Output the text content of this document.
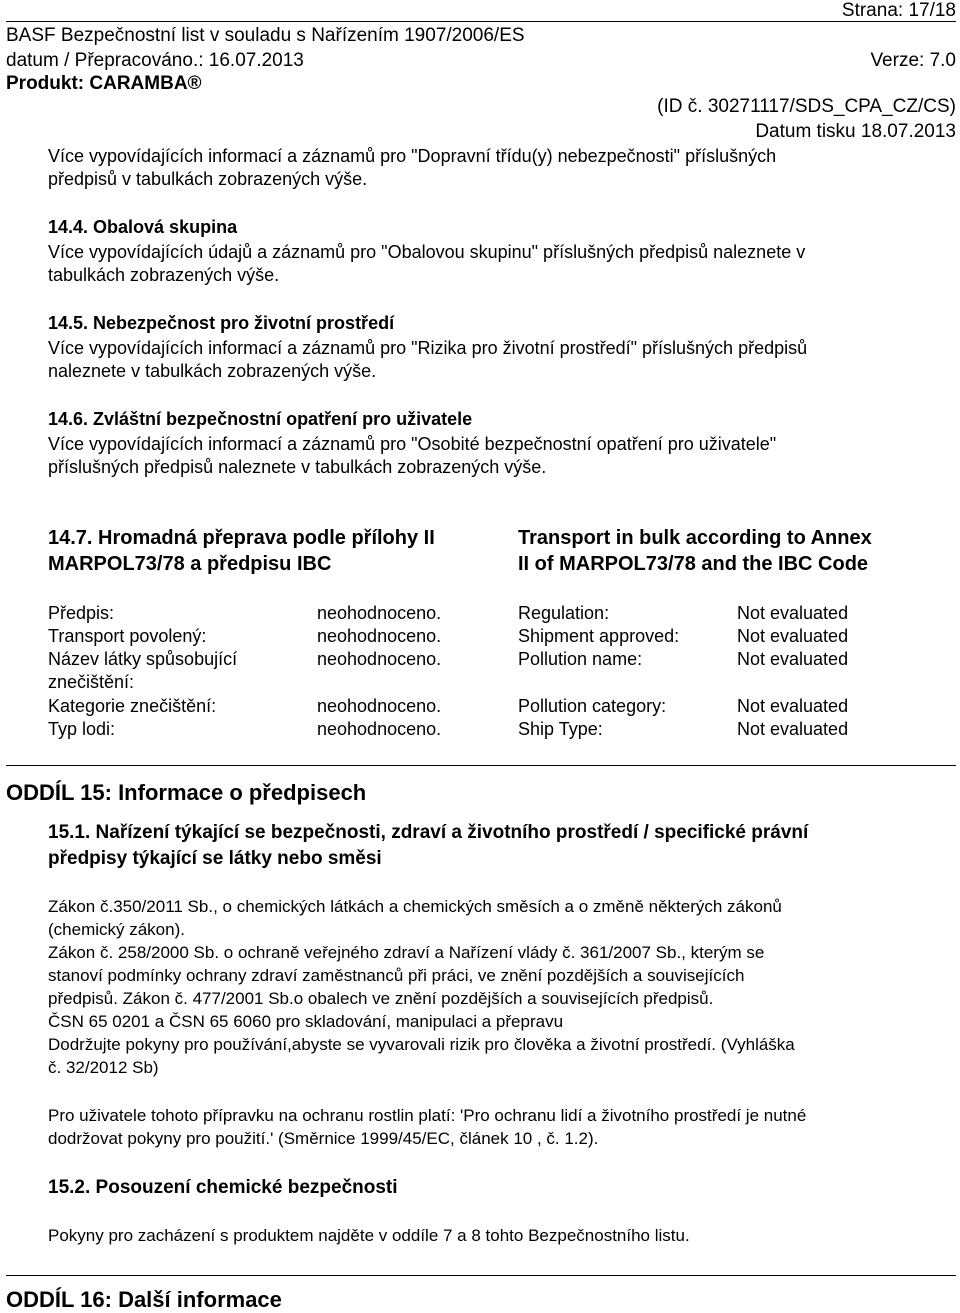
Strana: 17/18
BASF Bezpečnostní list v souladu s Nařízením 1907/2006/ES
datum / Přepracováno.: 16.07.2013	Verze: 7.0
Produkt: CARAMBA®
(ID č. 30271117/SDS_CPA_CZ/CS)
Datum tisku 18.07.2013
Více vypovídajících informací a záznamů pro "Dopravní třídu(y) nebezpečnosti" příslušných
předpisů v tabulkách zobrazených výše.
14.4. Obalová skupina
Více vypovídajících údajů a záznamů pro "Obalovou skupinu" příslušných předpisů naleznete v
tabulkách zobrazených výše.
14.5. Nebezpečnost pro životní prostředí
Více vypovídajících informací a záznamů pro "Rizika pro životní prostředí" příslušných předpisů
naleznete v tabulkách zobrazených výše.
14.6. Zvláštní bezpečnostní opatření pro uživatele
Více vypovídajících informací a záznamů pro "Osobité bezpečnostní opatření pro uživatele"
příslušných předpisů naleznete v tabulkách zobrazených výše.
14.7. Hromadná přeprava podle přílohy II
MARPOL73/78 a předpisu IBC
Transport in bulk according to Annex
II of MARPOL73/78 and the IBC Code
Předpis:	neohodnoceno.	Regulation:	Not evaluated
Transport povolený:	neohodnoceno.	Shipment approved:	Not evaluated
Název látky spůsobující
znečištění:
neohodnoceno.	Pollution name:	Not evaluated
Kategorie znečištění:	neohodnoceno.	Pollution category:	Not evaluated
Typ lodi:	neohodnoceno.	Ship Type:	Not evaluated
ODDÍL 15: Informace o předpisech
15.1. Nařízení týkající se bezpečnosti, zdraví a životního prostředí / specifické právní
předpisy týkající se látky nebo směsi
Zákon č.350/2011 Sb., o chemických látkách a chemických směsích a o změně některých zákonů
(chemický zákon).
Zákon č. 258/2000 Sb. o ochraně veřejného zdraví a Nařízení vlády č. 361/2007 Sb., kterým se
stanoví podmínky ochrany zdraví zaměstnanců při práci, ve znění pozdějších a souvisejících
předpisů. Zákon č. 477/2001 Sb.o obalech ve znění pozdějších a souvisejících předpisů.
ČSN 65 0201 a ČSN 65 6060 pro skladování, manipulaci a přepravu
Dodržujte pokyny pro používání,abyste se vyvarovali rizik pro člověka a životní prostředí. (Vyhláška
č. 32/2012 Sb)
Pro uživatele tohoto přípravku na ochranu rostlin platí: 'Pro ochranu lidí a životního prostředí je nutné
dodržovat pokyny pro použití.' (Směrnice 1999/45/EC, článek 10 , č. 1.2).
15.2. Posouzení chemické bezpečnosti
Pokyny pro zacházení s produktem najděte v oddíle 7 a 8 tohto Bezpečnostního listu.
ODDÍL 16: Další informace
